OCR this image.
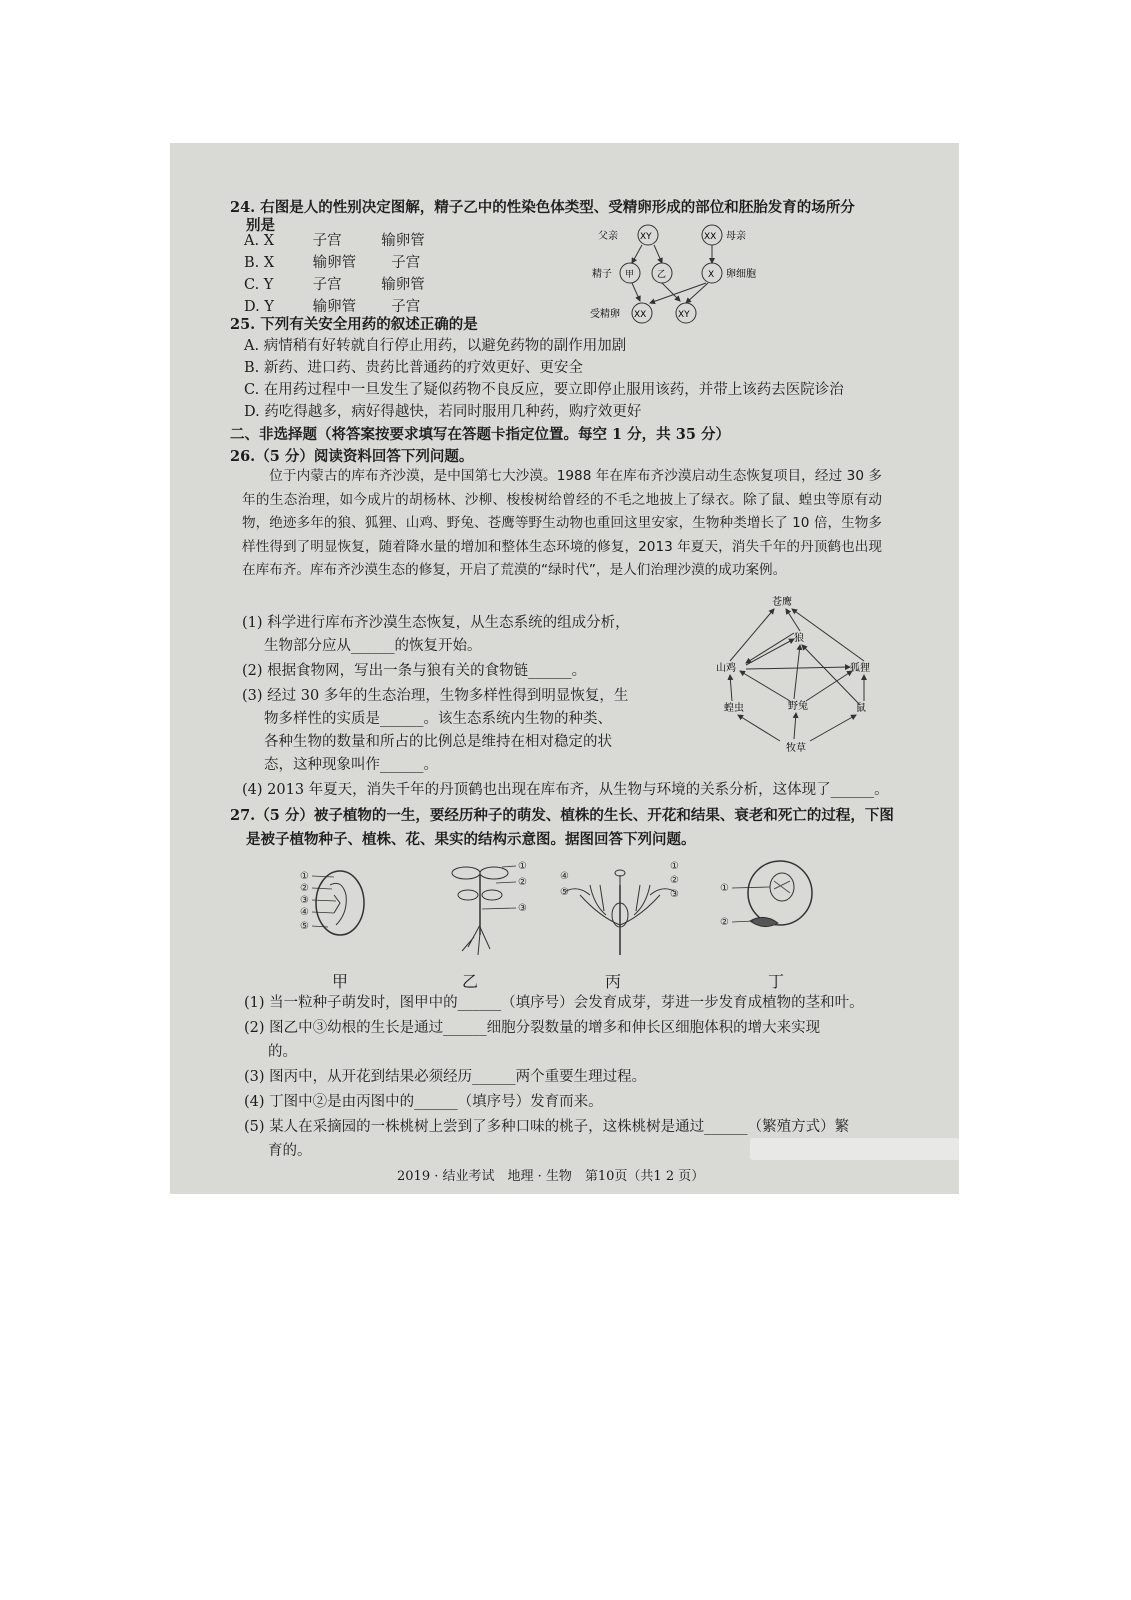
24. 右图是人的性别决定图解，精子乙中的性染色体类型、受精卵形成的部位和胚胎发育的场所分
别是
A. X	子宫	输卵管
B. X	输卵管 子宫
C. Y	子宫	输卵管
D. Y	输卵管 子宫
父亲 XY	XX 母亲
精子 甲	乙	X 卵细胞
受精卵 XX	XY
25. 下列有关安全用药的叙述正确的是
A. 病情稍有好转就自行停止用药，以避免药物的副作用加剧
B. 新药、进口药、贵药比普通药的疗效更好、更安全
C. 在用药过程中一旦发生了疑似药物不良反应，要立即停止服用该药，并带上该药去医院诊治
D. 药吃得越多，病好得越快，若同时服用几种药，购疗效更好
二、非选择题（将答案按要求填写在答题卡指定位置。每空 1 分，共 35 分）
26.（5 分）阅读资料回答下列问题。

位于内蒙古的库布齐沙漠，是中国第七大沙漠。1988 年在库布齐沙漠启动生态恢复项目，经过 30 多年的生态治理，如今成片的胡杨林、沙柳、梭梭树给曾经的不毛之地披上了绿衣。除了鼠、蝗虫等原有动物，绝迹多年的狼、狐狸、山鸡、野兔、苍鹰等野生动物也重回这里安家，生物种类增长了 10 倍，生物多样性得到了明显恢复，随着降水量的增加和整体生态环境的修复，2013 年夏天，消失千年的丹顶鹤也出现在库布齐。库布齐沙漠生态的修复，开启了荒漠的“绿时代”，是人们治理沙漠的成功案例。

(1) 科学进行库布齐沙漠生态恢复，从生态系统的组成分析，
生物部分应从______的恢复开始。
(2) 根据食物网，写出一条与狼有关的食物链______。
(3) 经过 30 多年的生态治理，生物多样性得到明显恢复，生
物多样性的实质是______。该生态系统内生物的种类、
各种生物的数量和所占的比例总是维持在相对稳定的状
态，这种现象叫作______。
(4) 2013 年夏天，消失千年的丹顶鹤也出现在库布齐，从生物与环境的关系分析，这体现了______。
苍鹰
狼
山鸡	狐狸
蝗虫	野兔	鼠
牧草
27.（5 分）被子植物的一生，要经历种子的萌发、植株的生长、开花和结果、衰老和死亡的过程，下图
是被子植物种子、植株、花、果实的结构示意图。据图回答下列问题。
①
②
③
④
⑤
①
②
③
④
⑤
①
②
③
①
②
甲	乙	丙	丁
(1) 当一粒种子萌发时，图甲中的______（填序号）会发育成芽，芽进一步发育成植物的茎和叶。
(2) 图乙中③幼根的生长是通过______细胞分裂数量的增多和伸长区细胞体积的增大来实现
的。
(3) 图丙中，从开花到结果必须经历______两个重要生理过程。
(4) 丁图中②是由丙图中的______（填序号）发育而来。
(5) 某人在采摘园的一株桃树上尝到了多种口味的桃子，这株桃树是通过______（繁殖方式）繁
育的。
2019 · 结业考试　地理 · 生物　第10页（共1 2 页）
